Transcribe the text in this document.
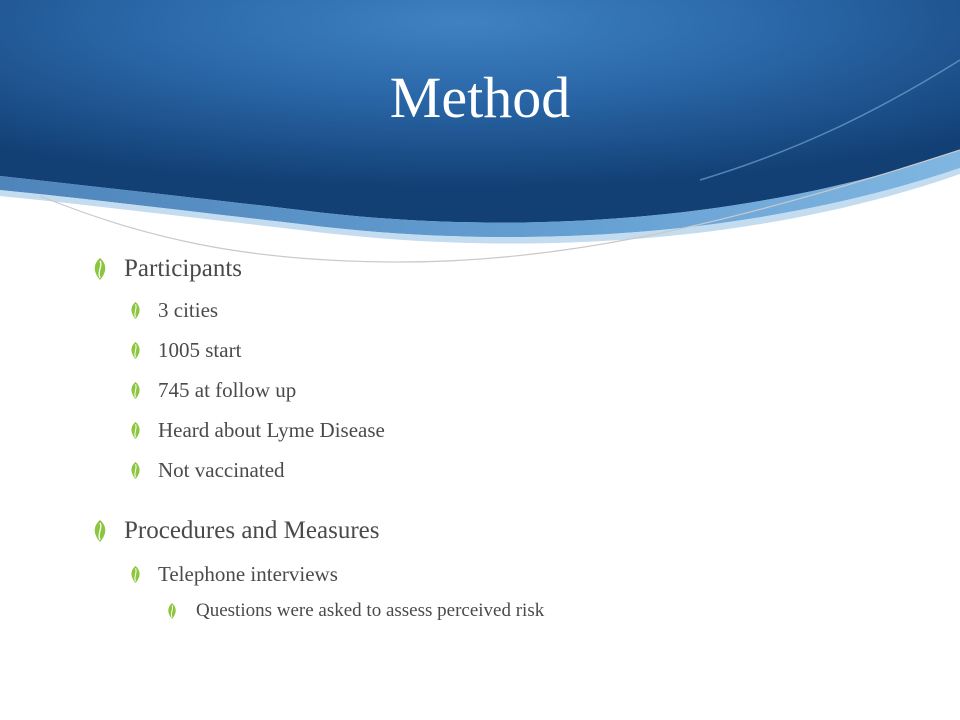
Method
Participants
3 cities
1005 start
745 at follow up
Heard about Lyme Disease
Not vaccinated
Procedures and Measures
Telephone interviews
Questions were asked to assess perceived risk
